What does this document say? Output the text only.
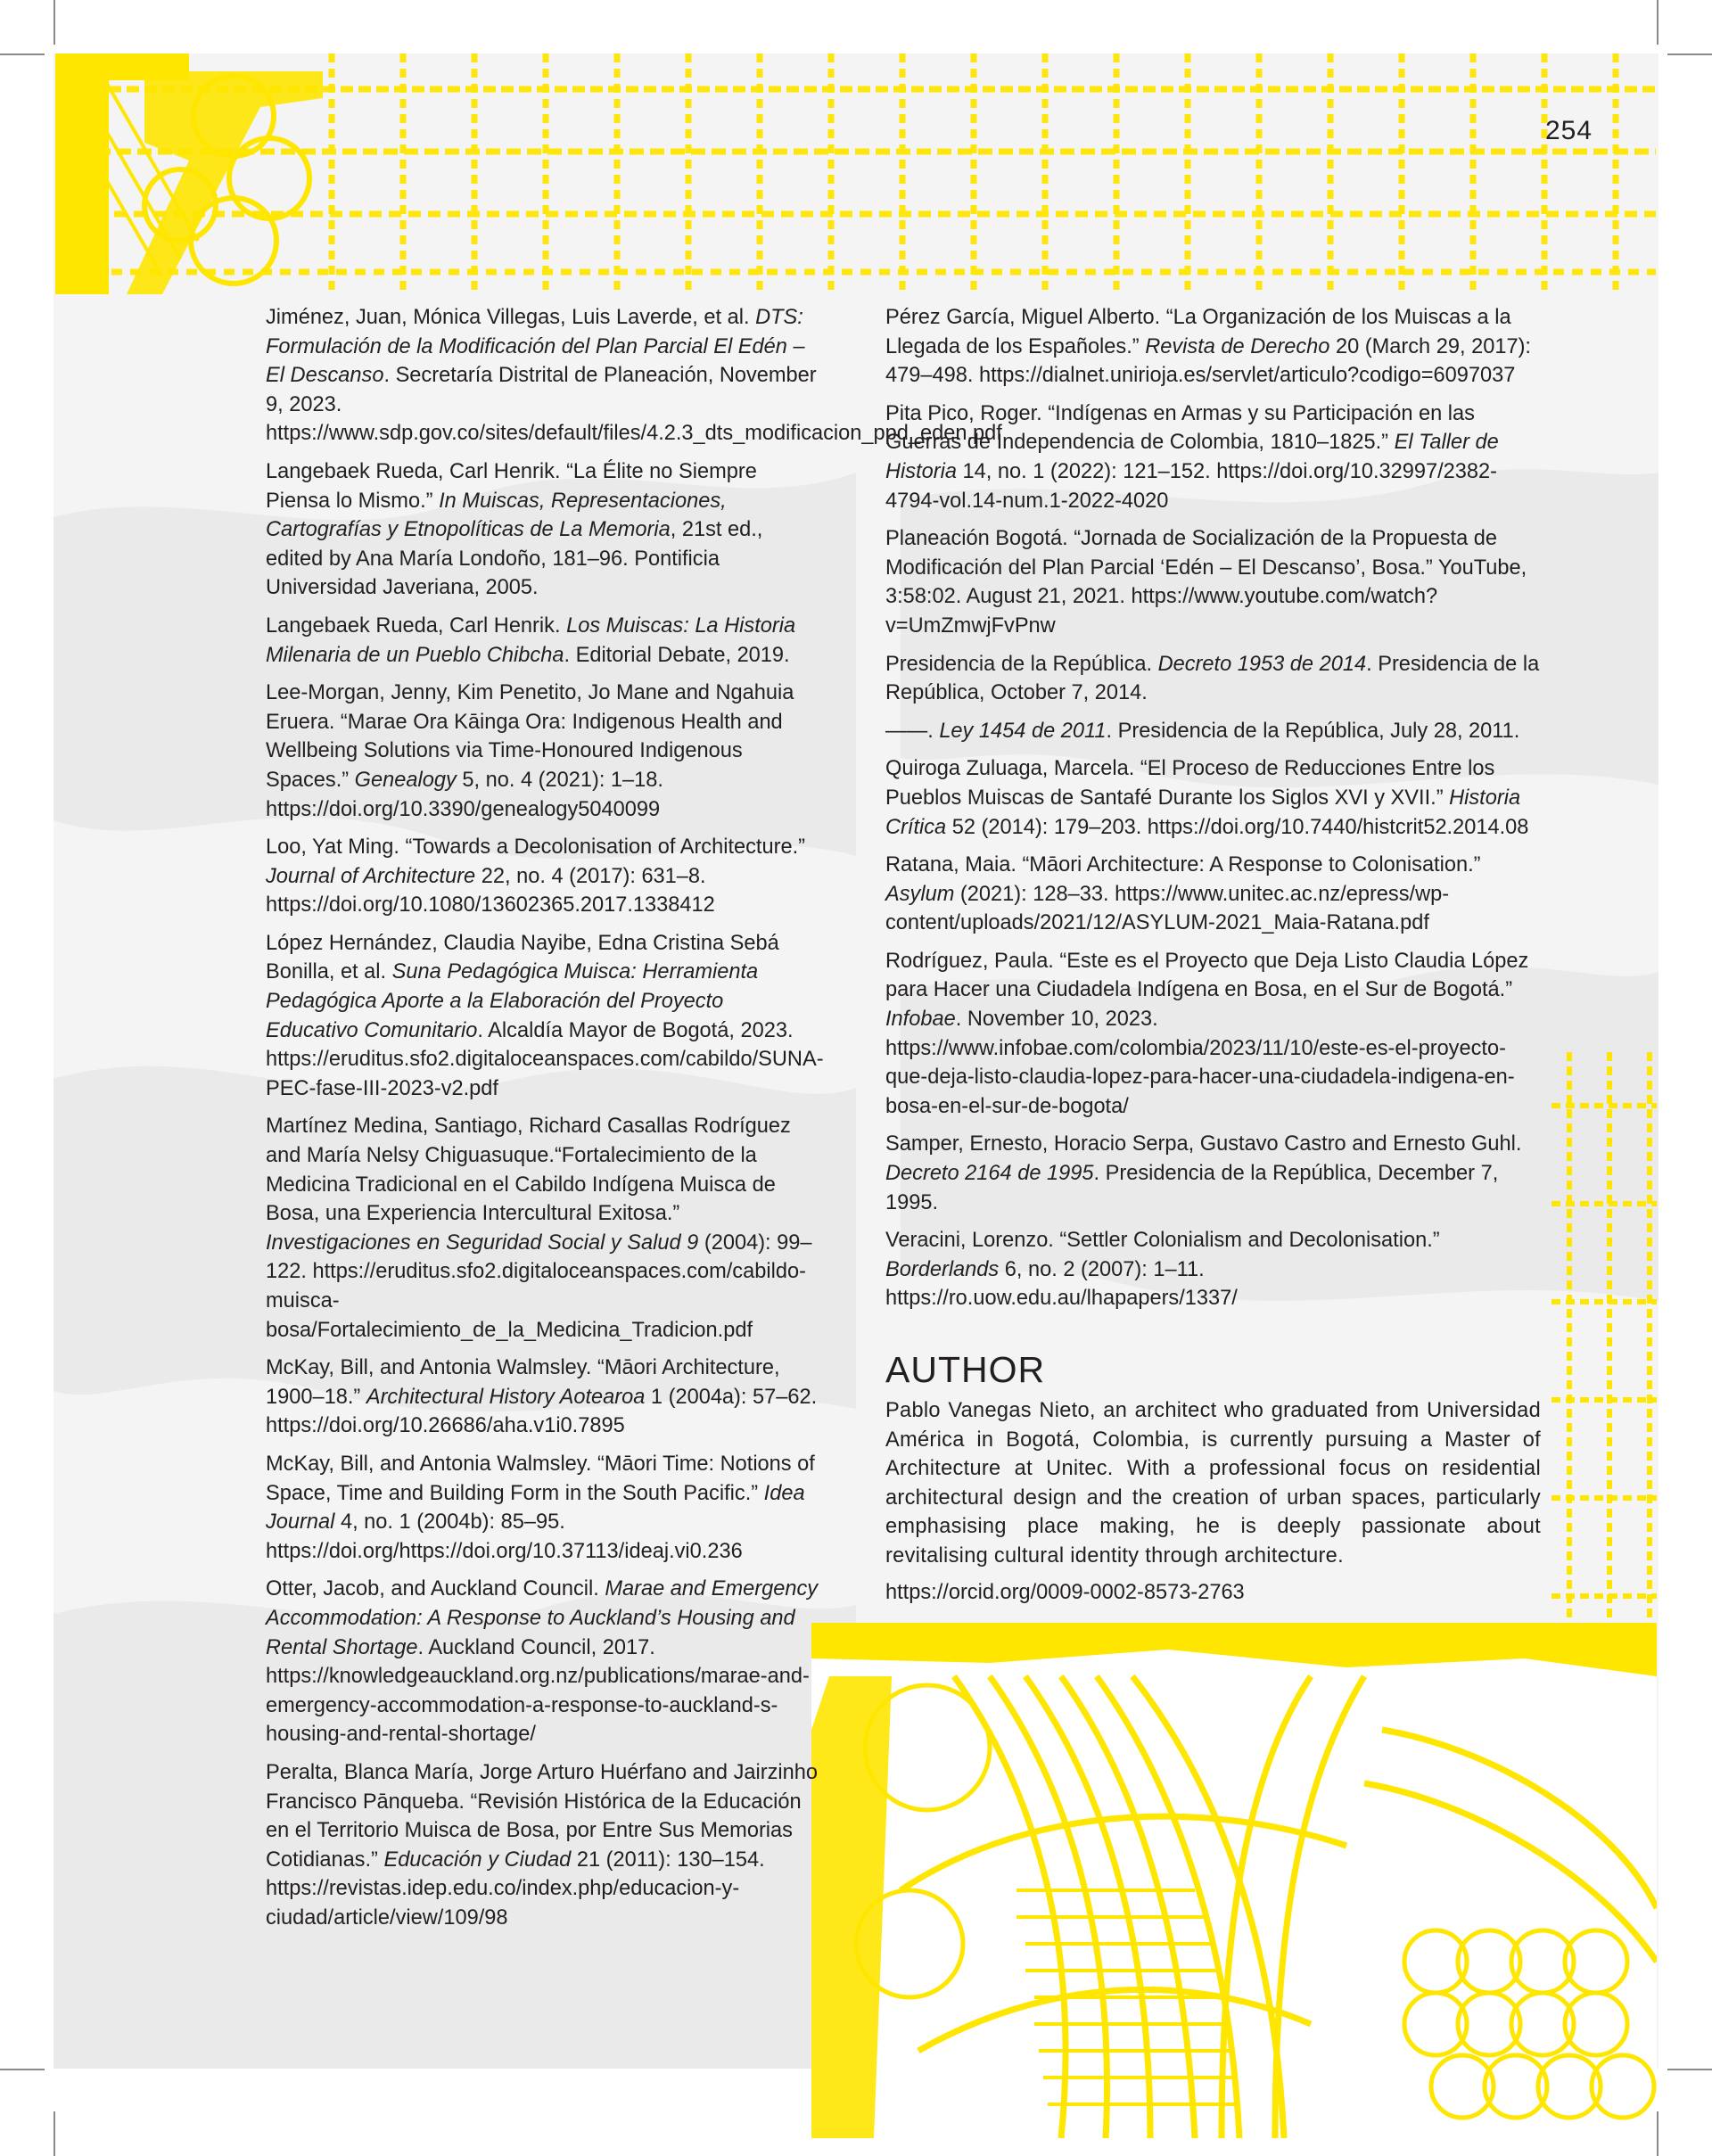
254

Jiménez, Juan, Mónica Villegas, Luis Laverde, et al. DTS: Formulación de la Modificación del Plan Parcial El Edén – El Descanso. Secretaría Distrital de Planeación, November 9, 2023. https://www.sdp.gov.co/sites/default/files/4.2.3_dts_modificacion_ppd_eden.pdf

Langebaek Rueda, Carl Henrik. “La Élite no Siempre Piensa lo Mismo.” In Muiscas, Representaciones, Cartografías y Etnopolíticas de La Memoria, 21st ed., edited by Ana María Londoño, 181–96. Pontificia Universidad Javeriana, 2005.

Langebaek Rueda, Carl Henrik. Los Muiscas: La Historia Milenaria de un Pueblo Chibcha. Editorial Debate, 2019.

Lee-Morgan, Jenny, Kim Penetito, Jo Mane and Ngahuia Eruera. “Marae Ora Kāinga Ora: Indigenous Health and Wellbeing Solutions via Time-Honoured Indigenous Spaces.” Genealogy 5, no. 4 (2021): 1–18. https://doi.org/10.3390/genealogy5040099

Loo, Yat Ming. “Towards a Decolonisation of Architecture.” Journal of Architecture 22, no. 4 (2017): 631–8. https://doi.org/10.1080/13602365.2017.1338412

López Hernández, Claudia Nayibe, Edna Cristina Sebá Bonilla, et al. Suna Pedagógica Muisca: Herramienta Pedagógica Aporte a la Elaboración del Proyecto Educativo Comunitario. Alcaldía Mayor de Bogotá, 2023. https://eruditus.sfo2.digitaloceanspaces.com/cabildo/SUNA-PEC-fase-III-2023-v2.pdf

Martínez Medina, Santiago, Richard Casallas Rodríguez and María Nelsy Chiguasuque.“Fortalecimiento de la Medicina Tradicional en el Cabildo Indígena Muisca de Bosa, una Experiencia Intercultural Exitosa.” Investigaciones en Seguridad Social y Salud 9 (2004): 99–122. https://eruditus.sfo2.digitaloceanspaces.com/cabildo-muisca-bosa/Fortalecimiento_de_la_Medicina_Tradicion.pdf

McKay, Bill, and Antonia Walmsley. “Māori Architecture, 1900–18.” Architectural History Aotearoa 1 (2004a): 57–62. https://doi.org/10.26686/aha.v1i0.7895

McKay, Bill, and Antonia Walmsley. “Māori Time: Notions of Space, Time and Building Form in the South Pacific.” Idea Journal 4, no. 1 (2004b): 85–95. https://doi.org/https://doi.org/10.37113/ideaj.vi0.236

Otter, Jacob, and Auckland Council. Marae and Emergency Accommodation: A Response to Auckland’s Housing and Rental Shortage. Auckland Council, 2017. https://knowledgeauckland.org.nz/publications/marae-and-emergency-accommodation-a-response-to-auckland-s-housing-and-rental-shortage/

Peralta, Blanca María, Jorge Arturo Huérfano and Jairzinho Francisco Pānqueba. “Revisión Histórica de la Educación en el Territorio Muisca de Bosa, por Entre Sus Memorias Cotidianas.” Educación y Ciudad 21 (2011): 130–154. https://revistas.idep.edu.co/index.php/educacion-y-ciudad/article/view/109/98

Pérez García, Miguel Alberto. “La Organización de los Muiscas a la Llegada de los Españoles.” Revista de Derecho 20 (March 29, 2017): 479–498. https://dialnet.unirioja.es/servlet/articulo?codigo=6097037

Pita Pico, Roger. “Indígenas en Armas y su Participación en las Guerras de Independencia de Colombia, 1810–1825.” El Taller de Historia 14, no. 1 (2022): 121–152. https://doi.org/10.32997/2382-4794-vol.14-num.1-2022-4020

Planeación Bogotá. “Jornada de Socialización de la Propuesta de Modificación del Plan Parcial ‘Edén – El Descanso’, Bosa.” YouTube, 3:58:02. August 21, 2021. https://www.youtube.com/watch?v=UmZmwjFvPnw

Presidencia de la República. Decreto 1953 de 2014. Presidencia de la República, October 7, 2014.

——. Ley 1454 de 2011. Presidencia de la República, July 28, 2011.

Quiroga Zuluaga, Marcela. “El Proceso de Reducciones Entre los Pueblos Muiscas de Santafé Durante los Siglos XVI y XVII.” Historia Crítica 52 (2014): 179–203. https://doi.org/10.7440/histcrit52.2014.08

Ratana, Maia. “Māori Architecture: A Response to Colonisation.” Asylum (2021): 128–33. https://www.unitec.ac.nz/epress/wp-content/uploads/2021/12/ASYLUM-2021_Maia-Ratana.pdf

Rodríguez, Paula. “Este es el Proyecto que Deja Listo Claudia López para Hacer una Ciudadela Indígena en Bosa, en el Sur de Bogotá.” Infobae. November 10, 2023. https://www.infobae.com/colombia/2023/11/10/este-es-el-proyecto-que-deja-listo-claudia-lopez-para-hacer-una-ciudadela-indigena-en-bosa-en-el-sur-de-bogota/

Samper, Ernesto, Horacio Serpa, Gustavo Castro and Ernesto Guhl. Decreto 2164 de 1995. Presidencia de la República, December 7, 1995.

Veracini, Lorenzo. “Settler Colonialism and Decolonisation.” Borderlands 6, no. 2 (2007): 1–11. https://ro.uow.edu.au/lhapapers/1337/

AUTHOR

Pablo Vanegas Nieto, an architect who graduated from Universidad América in Bogotá, Colombia, is currently pursuing a Master of Architecture at Unitec. With a professional focus on residential architectural design and the creation of urban spaces, particularly emphasising place making, he is deeply passionate about revitalising cultural identity through architecture.

https://orcid.org/0009-0002-8573-2763
